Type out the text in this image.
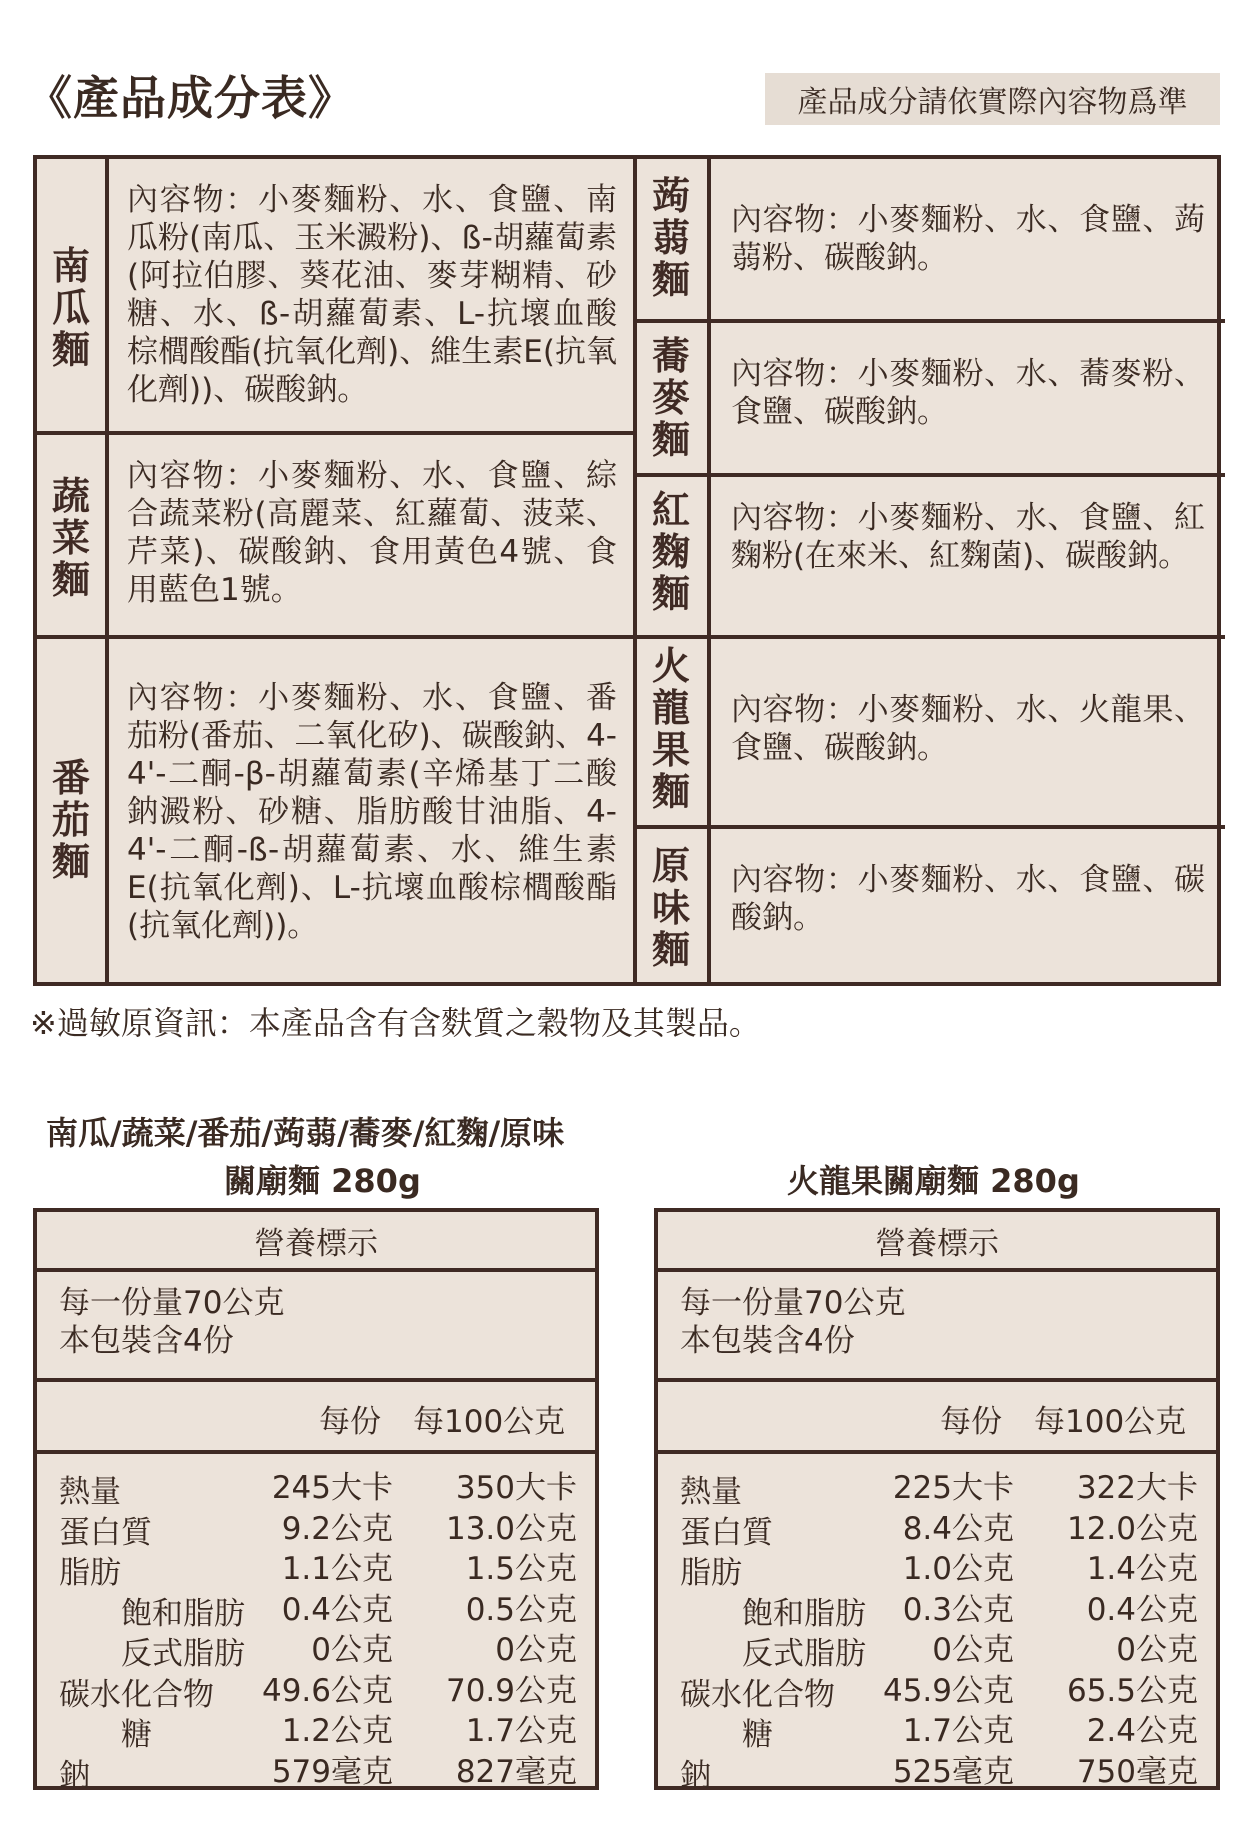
《產品成分表》	產品成分請依實際內容物爲準
南
瓜
麵
內容物：小麥麵粉、水、食鹽、南瓜粉(南瓜、玉米澱粉)、ß-胡蘿蔔素(阿拉伯膠、葵花油、麥芽糊精、砂糖、水、ß-胡蘿蔔素、L-抗壞血酸棕櫚酸酯(抗氧化劑)、維生素E(抗氧化劑))、碳酸鈉。
蔬
菜
麵
內容物：小麥麵粉、水、食鹽、綜合蔬菜粉(高麗菜、紅蘿蔔、菠菜、芹菜)、碳酸鈉、食用黃色4號、食用藍色1號。
番
茄
麵
內容物：小麥麵粉、水、食鹽、番茄粉(番茄、二氧化矽)、碳酸鈉、4-4'-二酮-β-胡蘿蔔素(辛烯基丁二酸鈉澱粉、砂糖、脂肪酸甘油脂、4-4'-二酮-ß-胡蘿蔔素、水、維生素E(抗氧化劑)、L-抗壞血酸棕櫚酸酯(抗氧化劑))。
蒟
蒻
麵
內容物：小麥麵粉、水、食鹽、蒟蒻粉、碳酸鈉。
蕎
麥
麵
內容物：小麥麵粉、水、蕎麥粉、食鹽、碳酸鈉。
紅
麴
麵
內容物：小麥麵粉、水、食鹽、紅麴粉(在來米、紅麴菌)、碳酸鈉。
火
龍
果
麵
內容物：小麥麵粉、水、火龍果、食鹽、碳酸鈉。
原
味
麵
內容物：小麥麵粉、水、食鹽、碳酸鈉。
※過敏原資訊：本產品含有含麩質之穀物及其製品。
南瓜/蔬菜/番茄/蒟蒻/蕎麥/紅麴/原味
關廟麵 280g
營養標示
每一份量70公克
本包裝含4份
每份 每100公克
熱量	245大卡	350大卡
蛋白質	9.2公克 13.0公克
脂肪	1.1公克	1.5公克
飽和脂肪	0.4公克	0.5公克
反式脂肪	0公克	0公克
碳水化合物 49.6公克 70.9公克
糖	1.2公克	1.7公克
鈉	579毫克	827毫克
火龍果關廟麵 280g
營養標示
每一份量70公克
本包裝含4份
每份 每100公克
熱量	225大卡	322大卡
蛋白質	8.4公克 12.0公克
脂肪	1.0公克	1.4公克
飽和脂肪	0.3公克	0.4公克
反式脂肪	0公克	0公克
碳水化合物 45.9公克 65.5公克
糖	1.7公克	2.4公克
鈉	525毫克	750毫克
